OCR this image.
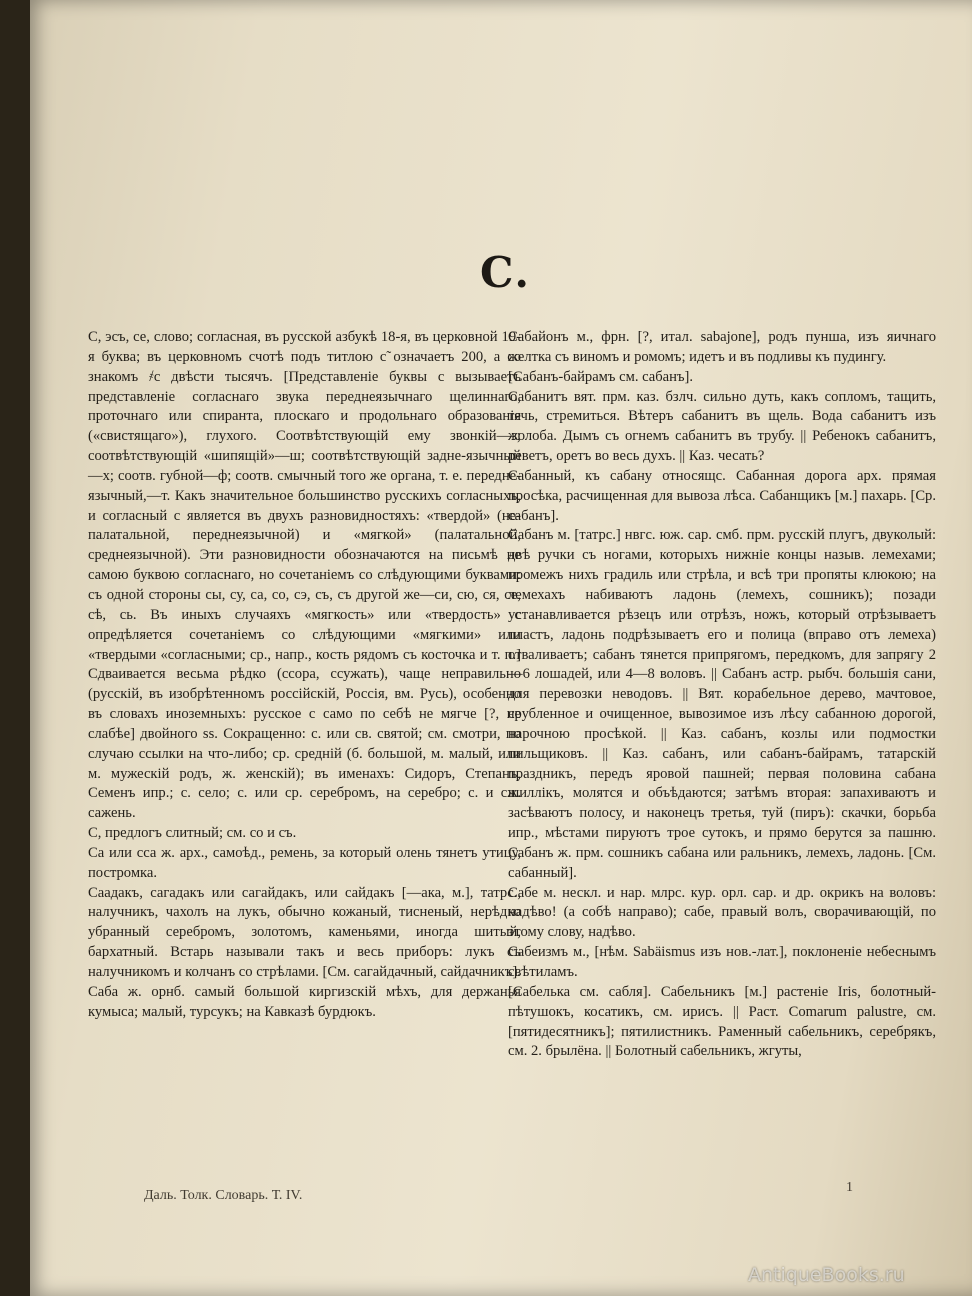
С.

С, эсъ, се, слово; согласная, въ русской азбукѣ 18-я, въ церковной 19-я буква; въ церковномъ счотѣ подъ титлою с̃ означаетъ 200, а со знакомъ ҂с двѣсти тысячъ. [Представленіе буквы с вызываетъ представленіе согласнаго звука переднеязычнаго щелиннаго, проточнаго или спиранта, плоскаго и продольнаго образованія («свистящаго»), глухого. Соотвѣтствующій ему звонкій—з; соотвѣтствующій «шипящій»—ш; соотвѣтствующій задне-язычный—х; соотв. губной—ф; соотв. смычный того же органа, т. е. передне-язычный,—т. Какъ значительное большинство русскихъ согласныхъ, и согласный с является въ двухъ разновидностяхъ: «твердой» (не-палатальной, переднеязычной) и «мягкой» (палатальной, среднеязычной). Эти разновидности обозначаются на письмѣ не самою буквою согласнаго, но сочетаніемъ со слѣдующими буквами: съ одной стороны сы, су, са, со, сэ, съ, съ другой же—си, сю, ся, се, сѣ, сь. Въ иныхъ случаяхъ «мягкость» или «твердость» с опредѣляется сочетаніемъ со слѣдующими «мягкими» или «твердыми «согласными; ср., напр., кость рядомъ съ косточка и т. п.] Сдваивается весьма рѣдко (ссора, ссужать), чаще неправильно (русскій, въ изобрѣтенномъ россійскій, Россія, вм. Русь), особенно въ словахъ иноземныхъ: русское с само по себѣ не мягче [?, не слабѣе] двойного ss. Сокращенно: с. или св. святой; см. смотри, по случаю ссылки на что-либо; ср. средній (б. большой, м. малый, или м. мужескій родъ, ж. женскій); въ именахъ: Сидоръ, Степанъ, Семенъ ипр.; с. село; с. или ср. серебромъ, на серебро; с. и сж. сажень.

С, предлогъ слитный; см. со и съ.

Са или сса ж. арх., самоѣд., ремень, за который олень тянетъ утицу, постромка.

Саадакъ, сагадакъ или сагайдакъ, или сайдакъ [—ака, м.], татрс., налучникъ, чахолъ на лукъ, обычно кожаный, тисненый, нерѣдко убранный серебромъ, золотомъ, каменьями, иногда шитый, бархатный. Встарь называли такъ и весь приборъ: лукъ съ налучникомъ и колчанъ со стрѣлами. [См. сагайдачный, сайдачникъ].

Саба ж. орнб. самый большой киргизскій мѣхъ, для держанья кумыса; малый, турсукъ; на Кавказѣ бурдюкъ.

Сабайонъ м., фрн. [?, итал. sabajone], родъ пунша, изъ яичнаго желтка съ виномъ и ромомъ; идетъ и въ подливы къ пудингу.

[Сабанъ-байрамъ см. сабанъ].

Сабанитъ вят. прм. каз. бзлч. сильно дуть, какъ сопломъ, тащить, течь, стремиться. Вѣтеръ сабанитъ въ щель. Вода сабанитъ изъ жолоба. Дымъ съ огнемъ сабанитъ въ трубу. || Ребенокъ сабанитъ, реветъ, оретъ во весь духъ. || Каз. чесать?

Сабанный, къ сабану относящс. Сабанная дорога арх. прямая просѣка, расчищенная для вывоза лѣса. Сабанщикъ [м.] пахарь. [Ср. сабанъ].

Сабанъ м. [татрс.] нвгс. юж. сар. смб. прм. русскій плугъ, двуколый: двѣ ручки съ ногами, которыхъ нижніе концы назыв. лемехами; промежъ нихъ градиль или стрѣла, и всѣ три пропяты клюкою; на лемехахъ набиваютъ ладонь (лемехъ, сошникъ); позади устанавливается рѣзецъ или отрѣзъ, ножъ, который отрѣзываетъ пластъ, ладонь подрѣзываетъ его и полица (вправо отъ лемеха) отваливаетъ; сабанъ тянется припрягомъ, передкомъ, для запрягу 2—6 лошадей, или 4—8 воловъ. || Сабанъ астр. рыбч. большія сани, для перевозки неводовъ. || Вят. корабельное дерево, мачтовое, срубленное и очищенное, вывозимое изъ лѣсу сабанною дорогой, нарочною просѣкой. || Каз. сабанъ, козлы или подмостки пильщиковъ. || Каз. сабанъ, или сабанъ-байрамъ, татарскій праздникъ, передъ яровой пашней; первая половина сабана шиллікъ, молятся и объѣдаются; затѣмъ вторая: запахиваютъ и засѣваютъ полосу, и наконецъ третья, туй (пиръ): скачки, борьба ипр., мѣстами пируютъ трое сутокъ, и прямо берутся за пашню. Сабанъ ж. прм. сошникъ сабана или ральникъ, лемехъ, ладонь. [См. сабанный].

Сабе м. нескл. и нар. млрс. кур. орл. сар. и др. окрикъ на воловъ: надѣво! (а собѣ направо); сабе, правый волъ, сворачивающій, по этому слову, надѣво.

Сабеизмъ м., [нѣм. Sabäismus изъ нов.-лат.], поклоненіе небеснымъ свѣтиламъ.

[Сабелька см. сабля]. Сабельникъ [м.] растеніе Iris, болотный-пѣтушокъ, косатикъ, см. ирисъ. || Раст. Comarum palustre, см. [пятидесятникъ]; пятилистникъ. Раменный сабельникъ, серебрякъ, см. 2. брылёна. || Болотный сабельникъ, жгуты,

Даль. Толк. Словарь. Т. IV.
1
AntiqueBooks.ru
